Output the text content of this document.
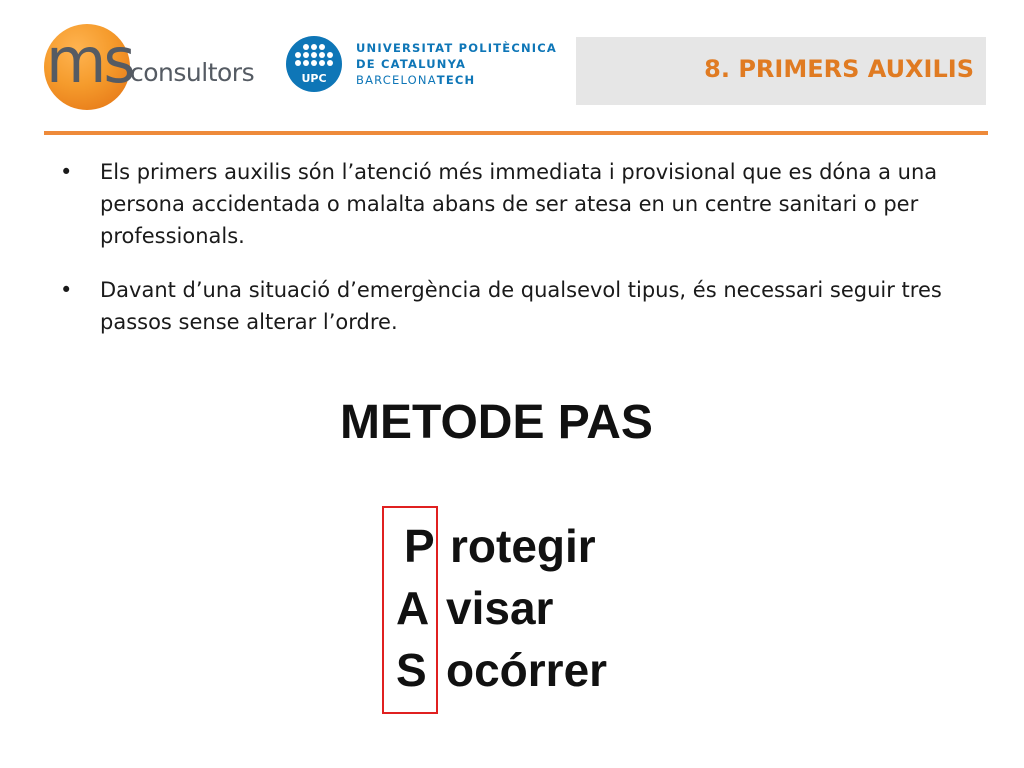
ms
consultors	UPC
UNIVERSITAT POLITÈCNICA
DE CATALUNYA
BARCELONATECH	8. PRIMERS AUXILIS
• Els primers auxilis són l’atenció més immediata i provisional que es dóna a una persona accidentada o malalta abans de ser atesa en un centre sanitari o per professionals.
• Davant d’una situació d’emergència de qualsevol tipus, és necessari seguir tres passos sense alterar l’ordre.
METODE PAS
P rotegir
A visar
S ocórrer
